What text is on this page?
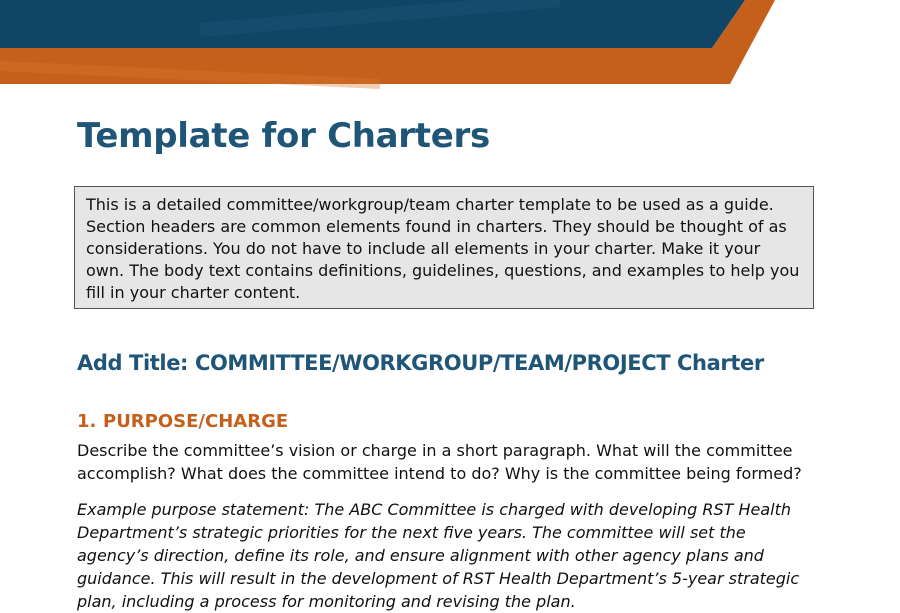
Template for Charters
This is a detailed committee/workgroup/team charter template to be used as a guide. Section headers are common elements found in charters. They should be thought of as considerations. You do not have to include all elements in your charter. Make it your own. The body text contains definitions, guidelines, questions, and examples to help you fill in your charter content.
Add Title: COMMITTEE/WORKGROUP/TEAM/PROJECT Charter
1. PURPOSE/CHARGE

Describe the committee’s vision or charge in a short paragraph. What will the committee accomplish? What does the committee intend to do? Why is the committee being formed?

Example purpose statement: The ABC Committee is charged with developing RST Health Department’s strategic priorities for the next five years. The committee will set the agency’s direction, define its role, and ensure alignment with other agency plans and guidance. This will result in the development of RST Health Department’s 5-year strategic plan, including a process for monitoring and revising the plan.
